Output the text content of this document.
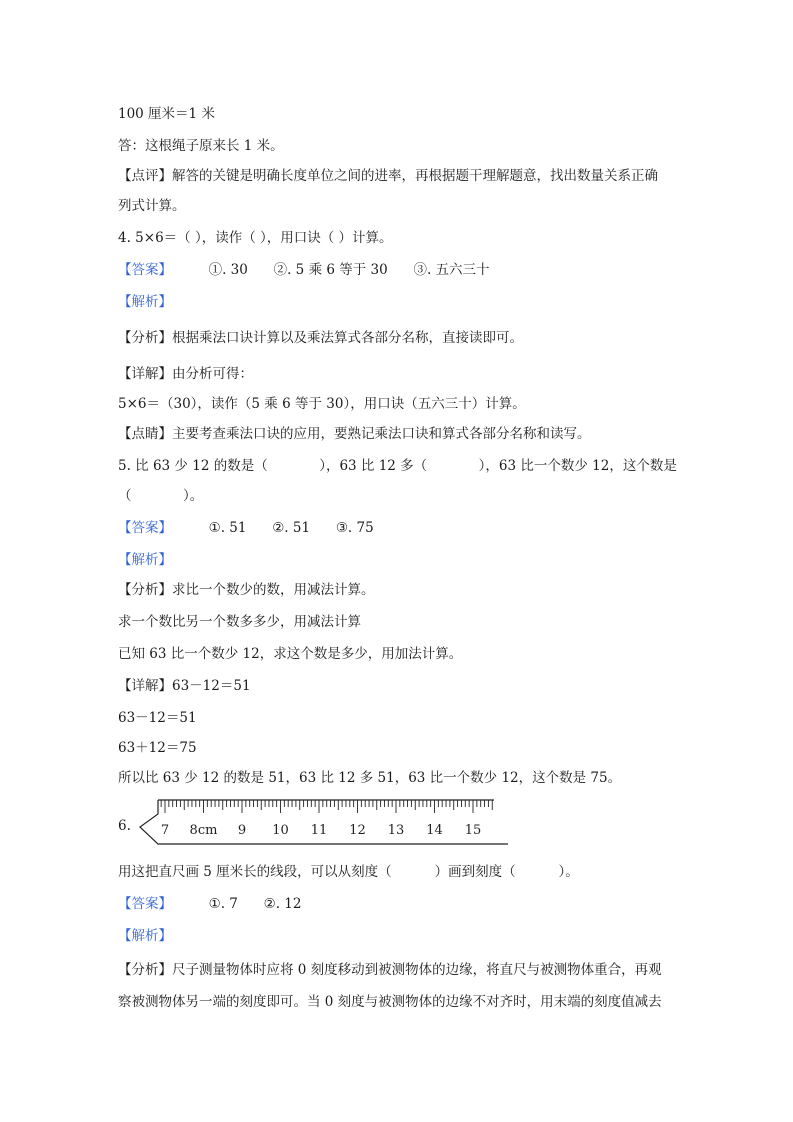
100 厘米＝1 米
答：这根绳子原来长 1 米。
【点评】解答的关键是明确长度单位之间的进率，再根据题干理解题意，找出数量关系正确
列式计算。
4. 5×6＝（ ），读作（ ），用口诀（ ）计算。
【答案】	①. 30      ②. 5 乘 6 等于 30      ③. 五六三十
【解析】
【分析】根据乘法口诀计算以及乘法算式各部分名称，直接读即可。
【详解】由分析可得：
5×6＝（30），读作（5 乘 6 等于 30），用口诀（五六三十）计算。
【点睛】主要考查乘法口诀的应用，要熟记乘法口诀和算式各部分名称和读写。
5. 比 63 少 12 的数是（            ），63 比 12 多（            ），63 比一个数少 12，这个数是
（            ）。
【答案】	①. 51      ②. 51      ③. 75
【解析】
【分析】求比一个数少的数，用减法计算。
求一个数比另一个数多多少，用减法计算
已知 63 比一个数少 12，求这个数是多少，用加法计算。
【详解】63－12＝51
63－12＝51
63＋12＝75
所以比 63 少 12 的数是 51，63 比 12 多 51，63 比一个数少 12，这个数是 75。
6. 7 8cm 9 10 11 12 13 14 15
用这把直尺画 5 厘米长的线段，可以从刻度（          ）画到刻度（          ）。
【答案】	①. 7      ②. 12
【解析】
【分析】尺子测量物体时应将 0 刻度移动到被测物体的边缘，将直尺与被测物体重合，再观
察被测物体另一端的刻度即可。当 0 刻度与被测物体的边缘不对齐时，用末端的刻度值减去
